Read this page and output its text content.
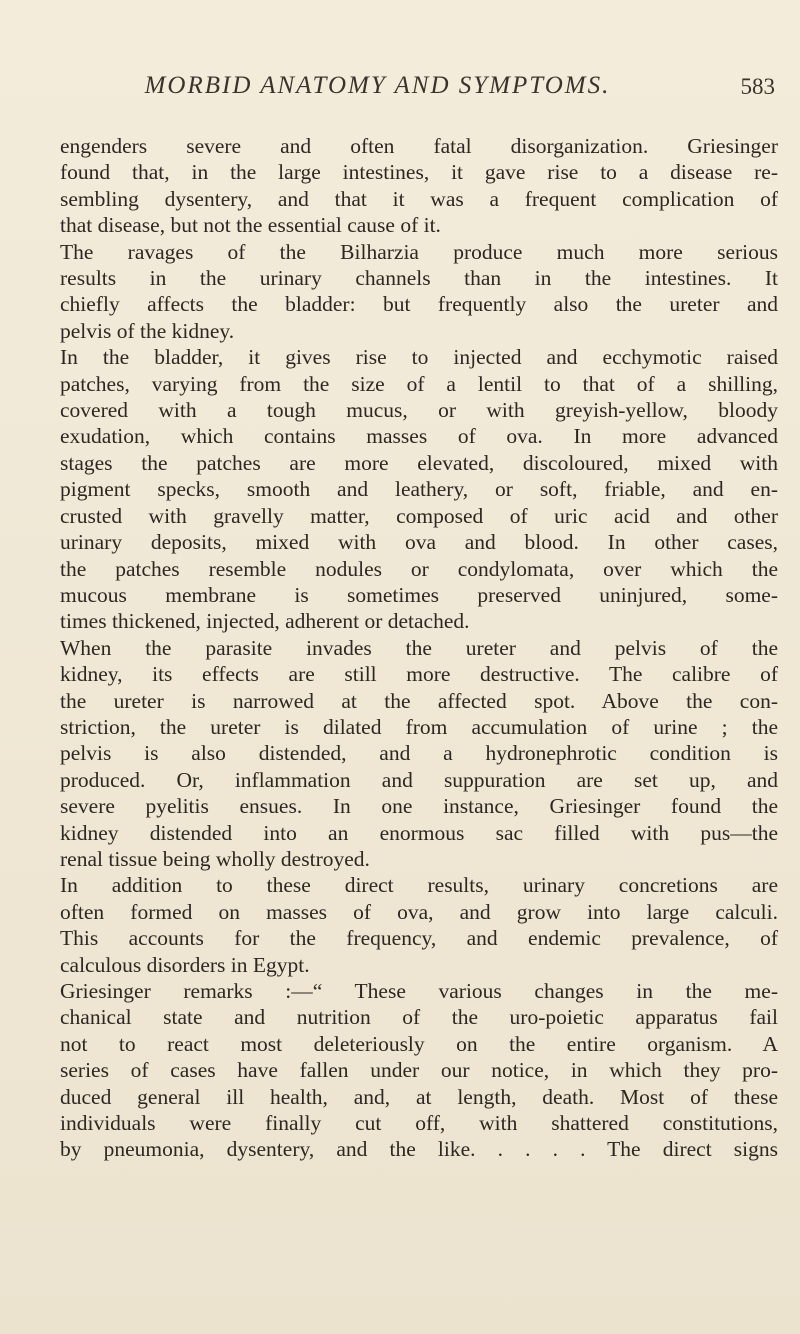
MORBID ANATOMY AND SYMPTOMS.	583
engenders severe and often fatal disorganization. Griesinger
found that, in the large intestines, it gave rise to a disease re-
sembling dysentery, and that it was a frequent complication of
that disease, but not the essential cause of it.
The ravages of the Bilharzia produce much more serious
results in the urinary channels than in the intestines. It
chiefly affects the bladder: but frequently also the ureter and
pelvis of the kidney.
In the bladder, it gives rise to injected and ecchymotic raised
patches, varying from the size of a lentil to that of a shilling,
covered with a tough mucus, or with greyish-yellow, bloody
exudation, which contains masses of ova. In more advanced
stages the patches are more elevated, discoloured, mixed with
pigment specks, smooth and leathery, or soft, friable, and en-
crusted with gravelly matter, composed of uric acid and other
urinary deposits, mixed with ova and blood. In other cases,
the patches resemble nodules or condylomata, over which the
mucous membrane is sometimes preserved uninjured, some-
times thickened, injected, adherent or detached.
When the parasite invades the ureter and pelvis of the
kidney, its effects are still more destructive. The calibre of
the ureter is narrowed at the affected spot. Above the con-
striction, the ureter is dilated from accumulation of urine ; the
pelvis is also distended, and a hydronephrotic condition is
produced. Or, inflammation and suppuration are set up, and
severe pyelitis ensues. In one instance, Griesinger found the
kidney distended into an enormous sac filled with pus—the
renal tissue being wholly destroyed.
In addition to these direct results, urinary concretions are
often formed on masses of ova, and grow into large calculi.
This accounts for the frequency, and endemic prevalence, of
calculous disorders in Egypt.
Griesinger remarks :—“ These various changes in the me-
chanical state and nutrition of the uro-poietic apparatus fail
not to react most deleteriously on the entire organism. A
series of cases have fallen under our notice, in which they pro-
duced general ill health, and, at length, death. Most of these
individuals were finally cut off, with shattered constitutions,
by pneumonia, dysentery, and the like. . . . . The direct signs
